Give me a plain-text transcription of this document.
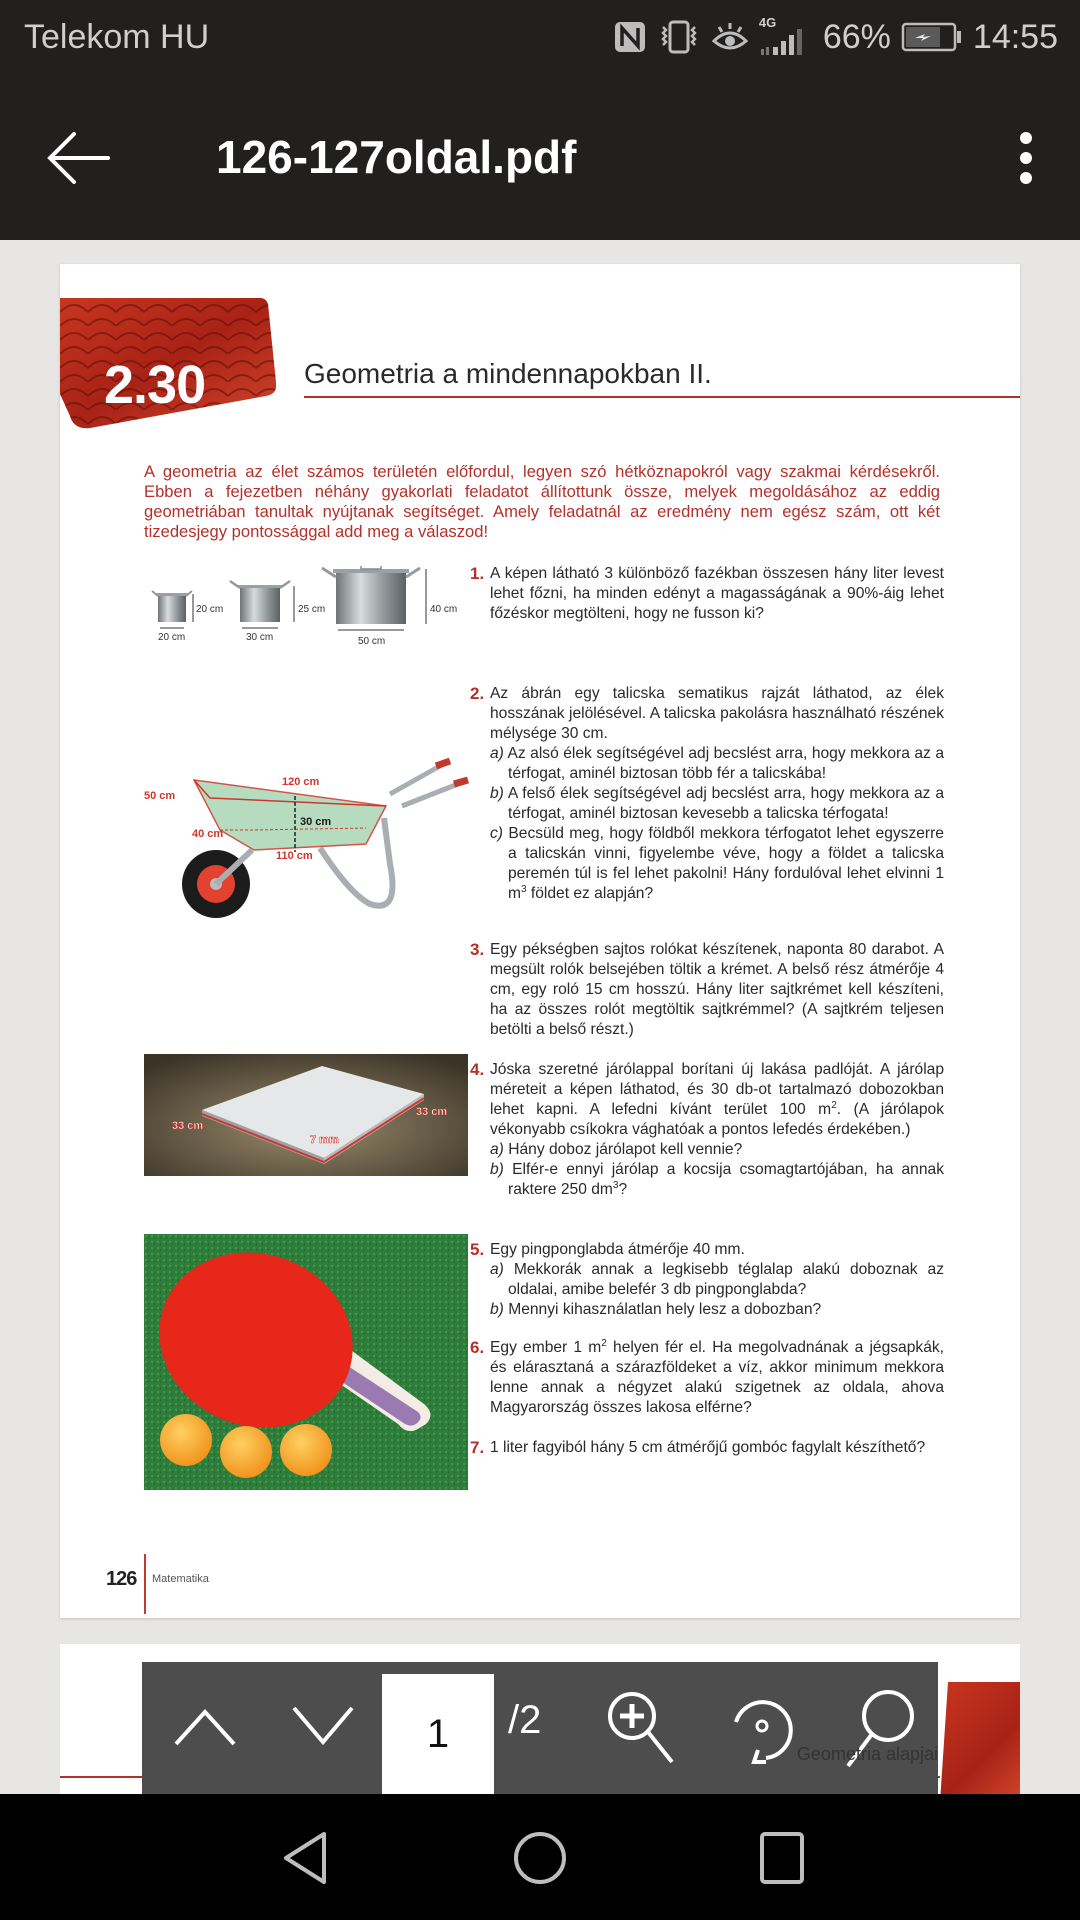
Telekom HU	4G 66% 14:55
126-127oldal.pdf
2.30	Geometria a mindennapokban II.

A geometria az élet számos területén előfordul, legyen szó hétköznapokról vagy szakmai kérdésekről. Ebben a fejezetben néhány gyakorlati feladatot állítottunk össze, melyek megoldásához az eddig geometriában tanultak nyújtanak segítséget. Amely feladatnál az eredmény nem egész szám, ott két tizedesjegy pontossággal add meg a válaszod!

20 cm
20 cm
25 cm
30 cm
40 cm
50 cm
120 cm
50 cm
30 cm
40 cm
110 cm
33 cm
33 cm
7 mm
1. A képen látható 3 különböző fazékban összesen hány liter levest lehet főzni, ha minden edényt a magasságának a 90%-áig lehet főzéskor megtölteni, hogy ne fusson ki?

2. Az ábrán egy talicska sematikus rajzát láthatod, az élek hosszának jelölésével. A talicska pakolásra használható részének mélysége 30 cm.

a) Az alsó élek segítségével adj becslést arra, hogy mekkora az a térfogat, aminél biztosan több fér a talicskába!

b) A felső élek segítségével adj becslést arra, hogy mekkora az a térfogat, aminél biztosan kevesebb a talicska térfogata!

c) Becsüld meg, hogy földből mekkora térfogatot lehet egyszerre a talicskán vinni, figyelembe véve, hogy a földet a talicska peremén túl is fel lehet pakolni! Hány fordulóval lehet elvinni 1 $m^3$ földet ez alapján?

3. Egy pékségben sajtos rolókat készítenek, naponta 80 darabot. A megsült rolók belsejében töltik a krémet. A belső rész átmérője 4 cm, egy roló 15 cm hosszú. Hány liter sajtkrémet kell készíteni, ha az összes rolót megtöltik sajtkrémmel? (A sajtkrém teljesen betölti a belső részt.)

4. Jóska szeretné járólappal borítani új lakása padlóját. A járólap méreteit a képen láthatod, és 30 db-ot tartalmazó dobozokban lehet kapni. A lefedni kívánt terület 100 $m^2$. (A járólapok vékonyabb csíkokra vághatóak a pontos lefedés érdekében.)

a) Hány doboz járólapot kell vennie?

b) Elfér-e ennyi járólap a kocsija csomagtartójában, ha annak raktere 250 $dm^3$?

5. Egy pingponglabda átmérője 40 mm.

a) Mekkorák annak a legkisebb téglalap alakú doboznak az oldalai, amibe belefér 3 db pingponglabda?

b) Mennyi kihasználatlan hely lesz a dobozban?

6. Egy ember 1 $m^2$ helyen fér el. Ha megolvadnának a jégsapkák, és elárasztaná a szárazföldeket a víz, akkor minimum mekkora lenne annak a négyzet alakú szigetnek az oldala, ahova Magyarország összes lakosa elférne?

7. 1 liter fagyiból hány 5 cm átmérőjű gombóc fagylalt készíthető?

126 Matematika
1	/2
Geometria alapjai
